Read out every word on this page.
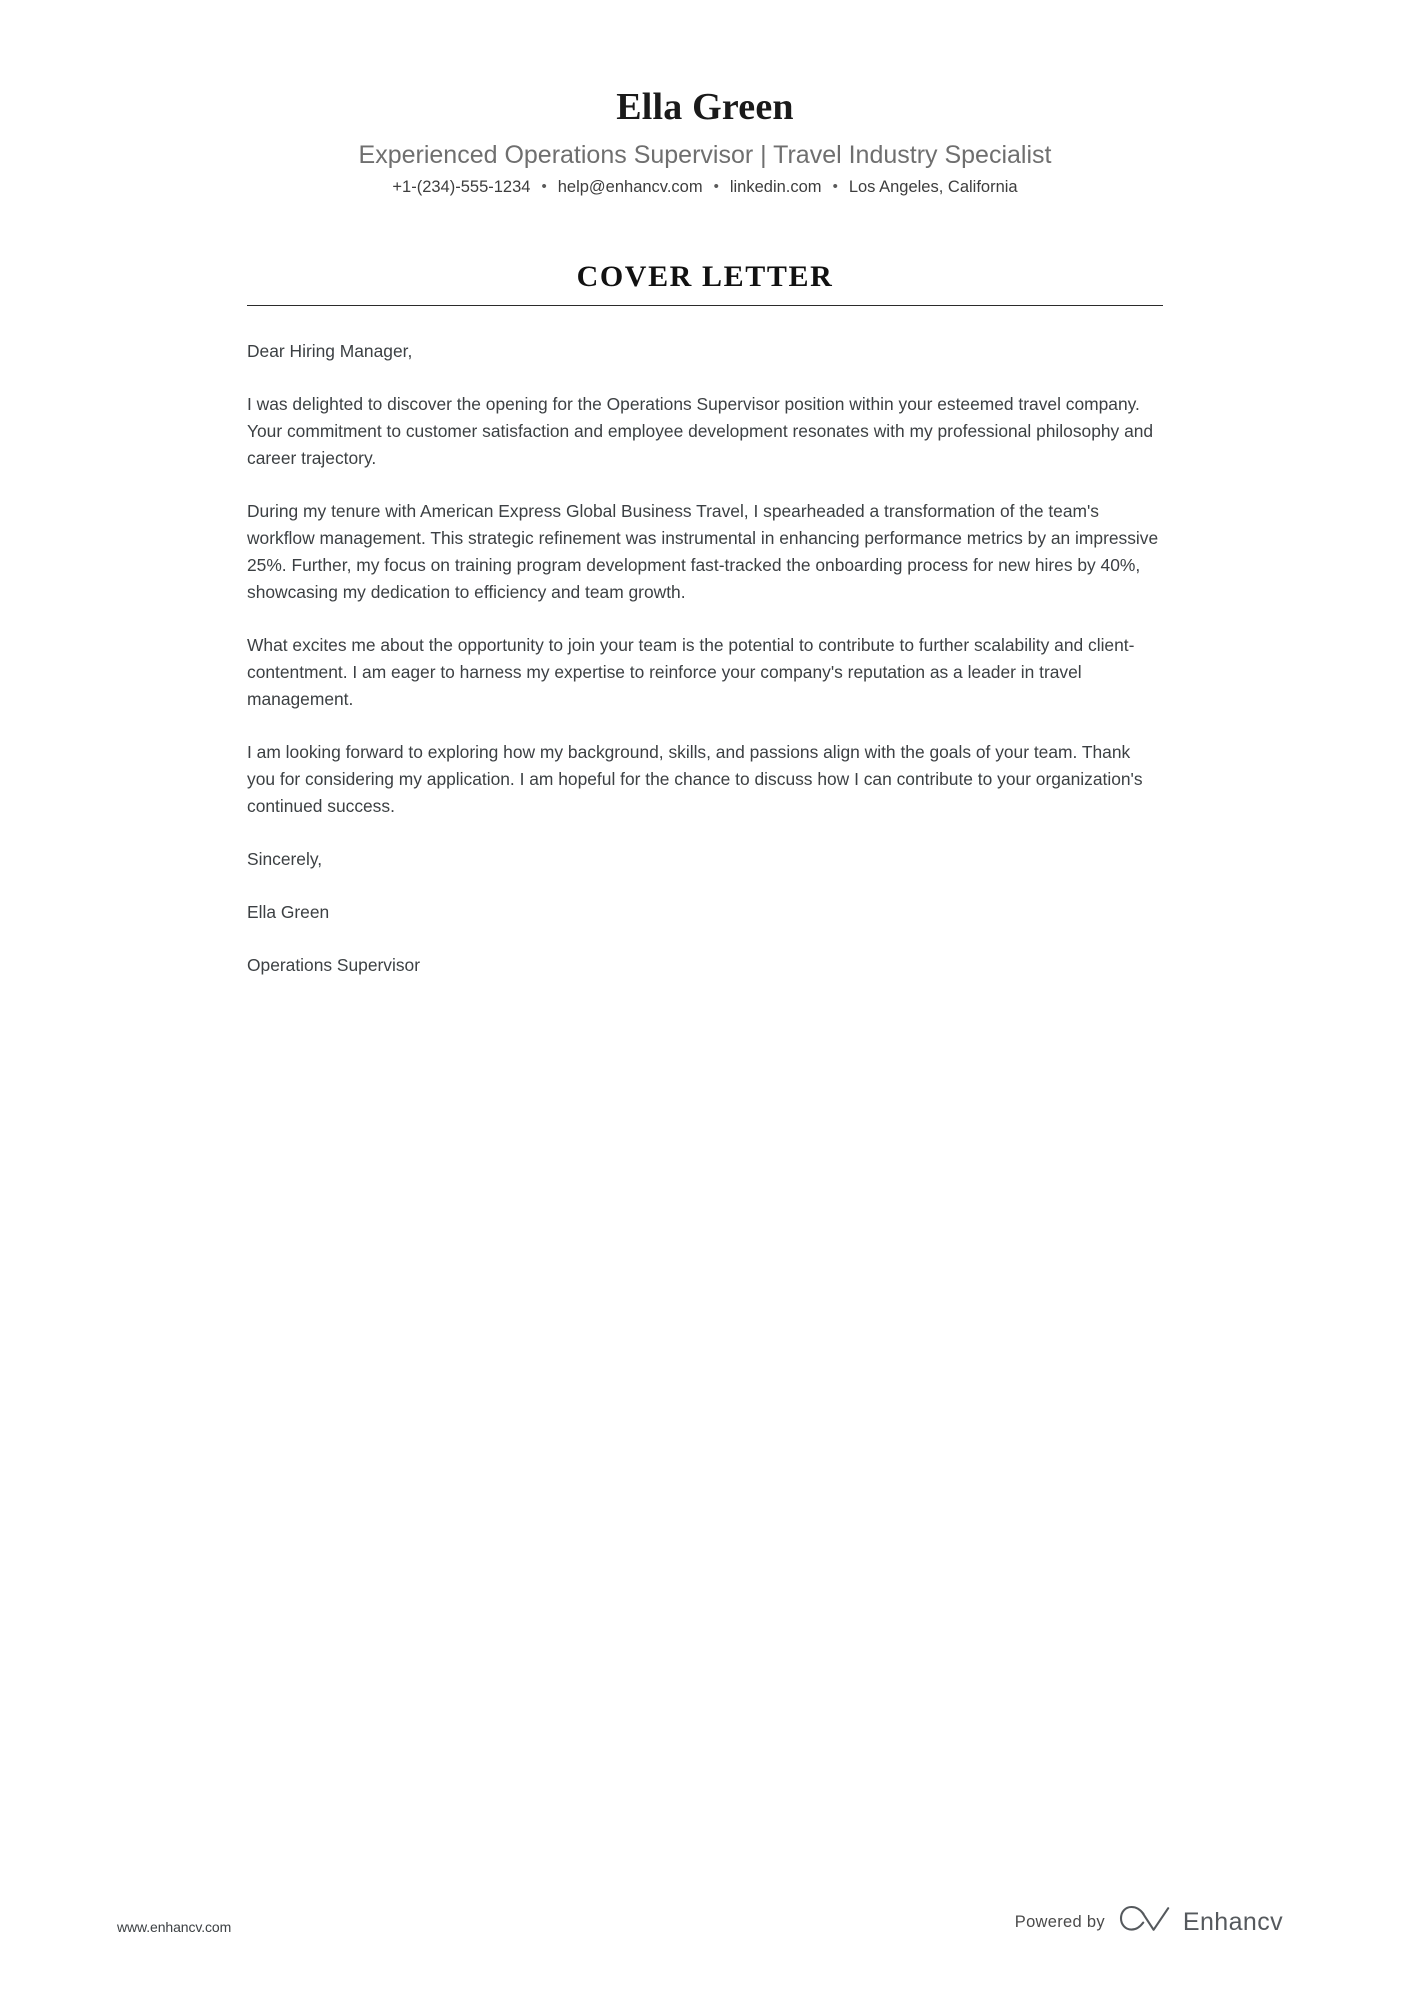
Ella Green
Experienced Operations Supervisor | Travel Industry Specialist
+1-(234)-555-1234 • help@enhancv.com • linkedin.com • Los Angeles, California
COVER LETTER

Dear Hiring Manager,

I was delighted to discover the opening for the Operations Supervisor position within your esteemed travel company. Your commitment to customer satisfaction and employee development resonates with my professional philosophy and career trajectory.

During my tenure with American Express Global Business Travel, I spearheaded a transformation of the team's workflow management. This strategic refinement was instrumental in enhancing performance metrics by an impressive 25%. Further, my focus on training program development fast-tracked the onboarding process for new hires by 40%, showcasing my dedication to efficiency and team growth.

What excites me about the opportunity to join your team is the potential to contribute to further scalability and client-contentment. I am eager to harness my expertise to reinforce your company's reputation as a leader in travel management.

I am looking forward to exploring how my background, skills, and passions align with the goals of your team. Thank you for considering my application. I am hopeful for the chance to discuss how I can contribute to your organization's continued success.

Sincerely,

Ella Green

Operations Supervisor

www.enhancv.com	Powered by	Enhancv
